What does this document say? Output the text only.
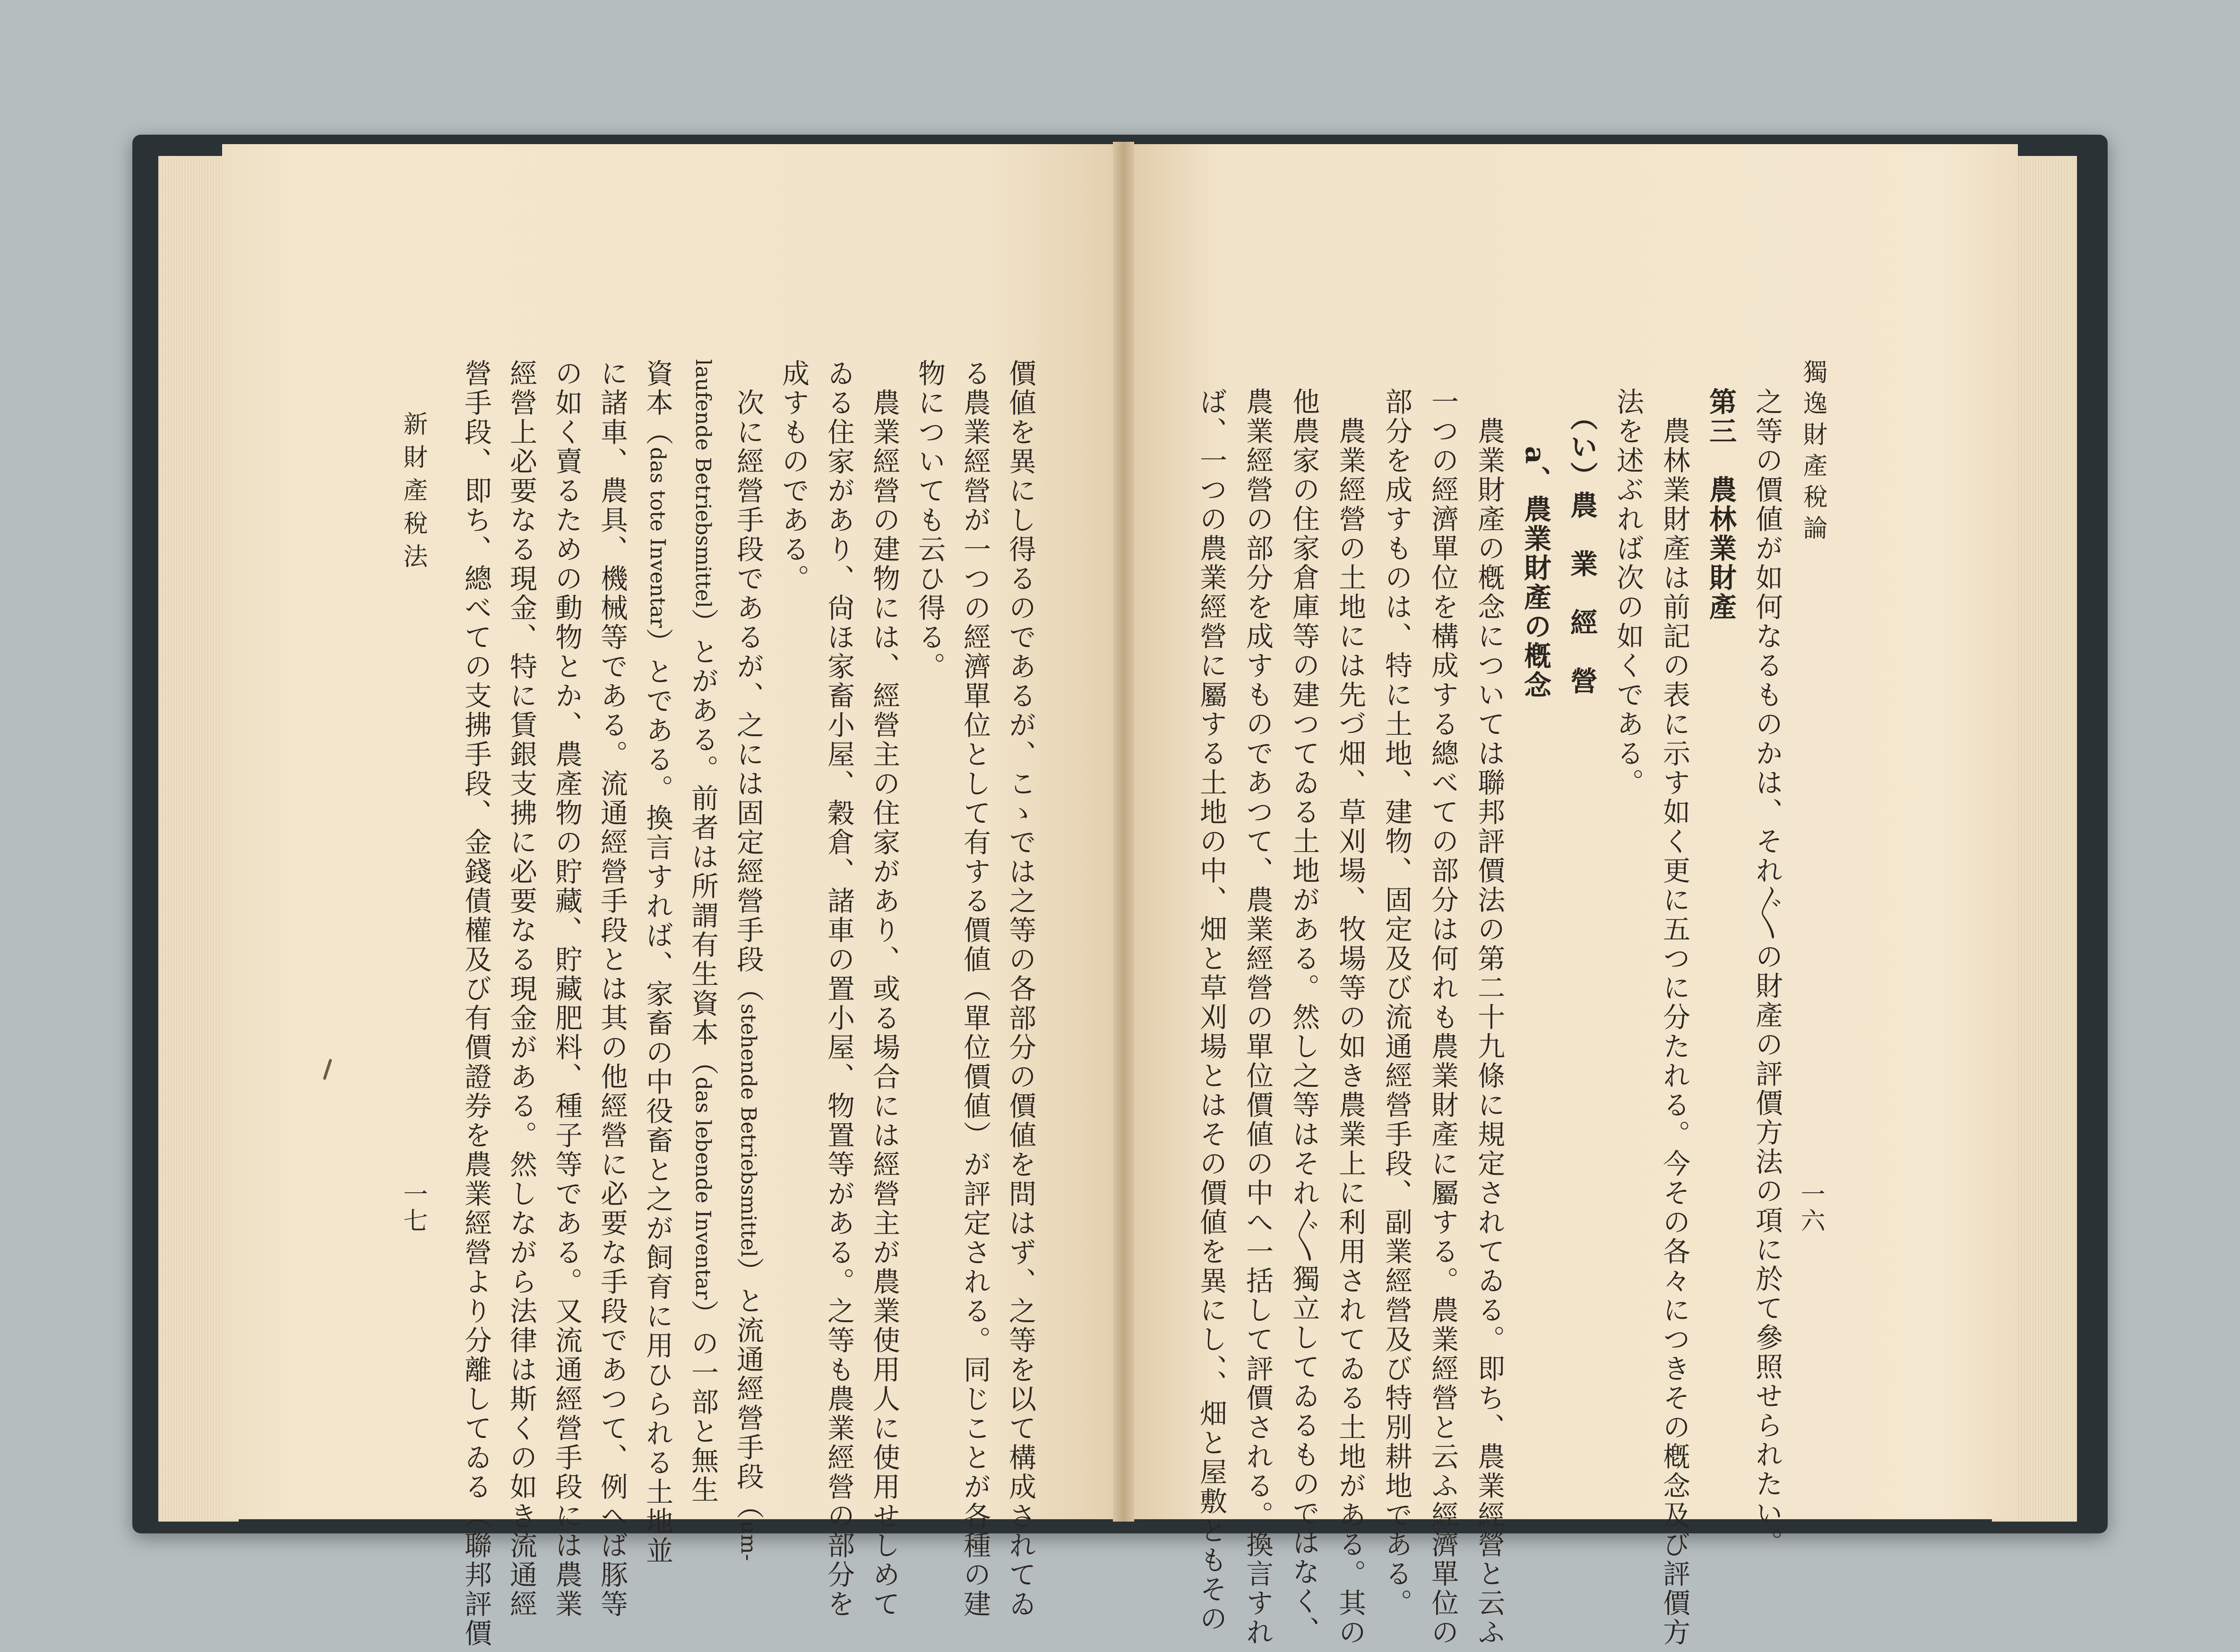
價値を異にし得るのであるが、こゝでは之等の各部分の價値を問はず、之等を以て構成されてゐ
る農業經營が一つの經濟單位として有する價値（單位價値）が評定される。同じことが各種の建
物についても云ひ得る。
　農業經營の建物には、經營主の住家があり、或る場合には經營主が農業使用人に使用せしめて
ゐる住家があり、尙ほ家畜小屋、穀倉、諸車の置小屋、物置等がある。之等も農業經營の部分を
成すものである。
　次に經營手段であるが、之には固定經營手段（stehende Betriebsmittel）と流通經營手段（um-
laufende Betriebsmittel）とがある。前者は所謂有生資本（das lebende Inventar）の一部と無生
資本（das tote Inventar）とである。換言すれば、家畜の中役畜と之が飼育に用ひられる土地並
に諸車、農具、機械等である。流通經營手段とは其の他經營に必要な手段であつて、例へば豚等
の如く賣るための動物とか、農產物の貯藏、貯藏肥料、種子等である。又流通經營手段には農業
經營上必要なる現金、特に賃銀支拂に必要なる現金がある。然しながら法律は斯くの如き流通經
營手段、即ち、總べての支拂手段、金錢債權及び有價證券を農業經營より分離してゐる（聯邦評價	之等の價値が如何なるものかは、それ〴〵の財產の評價方法の項に於て參照せられたい。
第三　農林業財產
　農林業財產は前記の表に示す如く更に五つに分たれる。今その各々につきその槪念及び評價方
法を述ぶれば次の如くである。
　（い）農　業　經　營
　　a、農業財產の槪念
　農業財產の槪念については聯邦評價法の第二十九條に規定されてゐる。即ち、農業經營と云ふ
一つの經濟單位を構成する總べての部分は何れも農業財產に屬する。農業經營と云ふ經濟單位の
部分を成すものは、特に土地、建物、固定及び流通經營手段、副業經營及び特別耕地である。
　農業經營の土地には先づ畑、草刈場、牧場等の如き農業上に利用されてゐる土地がある。其の
他農家の住家倉庫等の建つてゐる土地がある。然し之等はそれ〴〵獨立してゐるものではなく、
農業經營の部分を成すものであつて、農業經營の單位價値の中へ一括して評價される。換言すれ
ば、一つの農業經營に屬する土地の中、畑と草刈場とはその價値を異にし、、畑と屋敷ともその	獨逸財產稅論
一六
新財產稅法
一七
